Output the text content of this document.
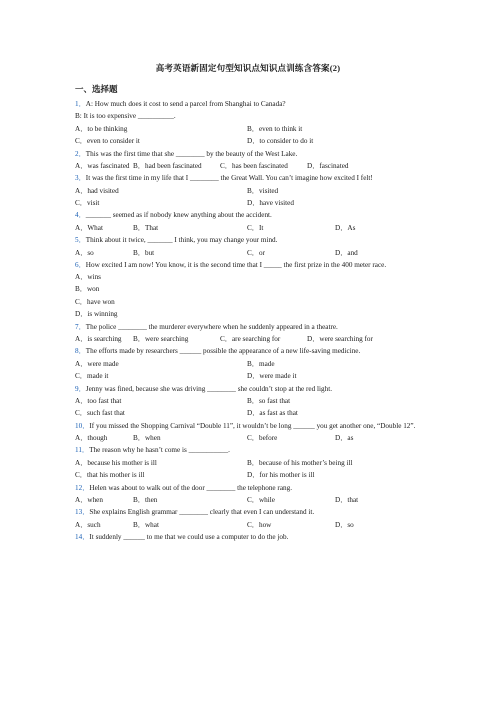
高考英语新固定句型知识点知识点训练含答案(2)
一、选择题
1．A: How much does it cost to send a parcel from Shanghai to Canada?
B: It is too expensive __________.
A．to be thinking	B．even to think it
C．even to consider it	D．to consider to do it
2．This was the first time that she ________ by the beauty of the West Lake.
A．was fascinated B．had been fascinated	C．has been fascinated	D．fascinated
3．It was the first time in my life that I ________ the Great Wall. You can’t imagine how excited I felt!
A．had visited	B．visited
C．visit	D．have visited
4．_______ seemed as if nobody knew anything about the accident.
A．What	B．That	C．It	D．As
5．Think about it twice, _______ I think, you may change your mind.
A．so	B．but	C．or	D．and
6．How excited I am now! You know, it is the second time that I _____ the first prize in the 400 meter race.
A．wins
B．won
C．have won
D．is winning
7．The police ________ the murderer everywhere when he suddenly appeared in a theatre.
A．is searching B．were searching	C．are searching for	D．were searching for
8．The efforts made by researchers ______ possible the appearance of a new life-saving medicine.
A．were made	B．made
C．made it	D．were made it
9．Jenny was fined, because she was driving ________ she couldn’t stop at the red light.
A．too fast that	B．so fast that
C．such fast that	D．as fast as that
10．If you missed the Shopping Carnival “Double 11”, it wouldn’t be long ______ you get another one, “Double 12”.
A．though	B．when	C．before	D．as
11．The reason why he hasn’t come is ___________.
A．because his mother is ill	B．because of his mother’s being ill
C．that his mother is ill	D．for his mother is ill
12．Helen was about to walk out of the door ________ the telephone rang.
A．when	B．then	C．while	D．that
13．She explains English grammar ________ clearly that even I can understand it.
A．such	B．what	C．how	D．so
14．It suddenly ______ to me that we could use a computer to do the job.
